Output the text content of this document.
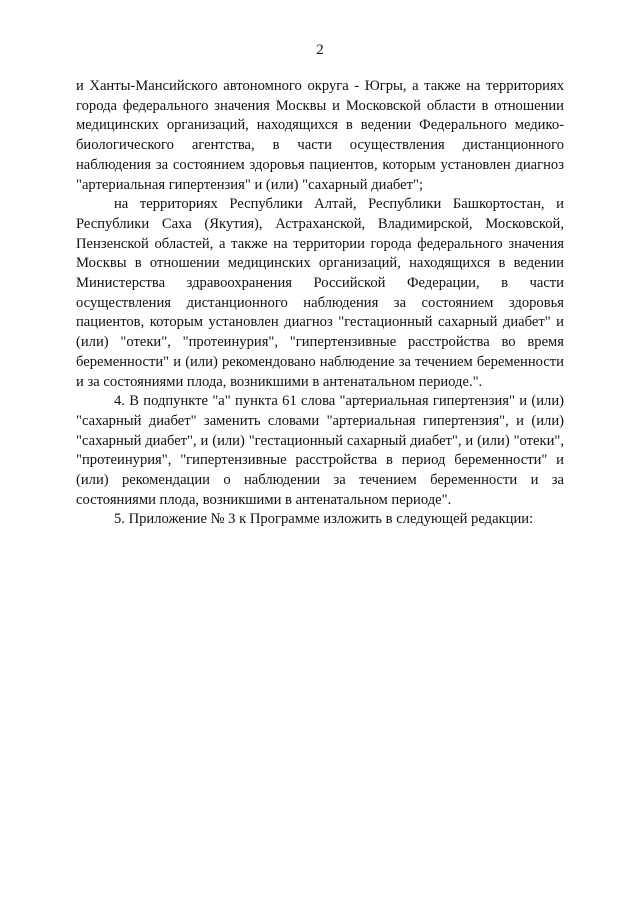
2

и Ханты-Мансийского автономного округа - Югры, а также на территориях города федерального значения Москвы и Московской области в отношении медицинских организаций, находящихся в ведении Федерального медико-биологического агентства, в части осуществления дистанционного наблюдения за состоянием здоровья пациентов, которым установлен диагноз "артериальная гипертензия" и (или) "сахарный диабет";

на территориях Республики Алтай, Республики Башкортостан, и Республики Саха (Якутия), Астраханской, Владимирской, Московской, Пензенской областей, а также на территории города федерального значения Москвы в отношении медицинских организаций, находящихся в ведении Министерства здравоохранения Российской Федерации, в части осуществления дистанционного наблюдения за состоянием здоровья пациентов, которым установлен диагноз "гестационный сахарный диабет" и (или) "отеки", "протеинурия", "гипертензивные расстройства во время беременности" и (или) рекомендовано наблюдение за течением беременности и за состояниями плода, возникшими в антенатальном периоде.".

4. В подпункте "а" пункта 61 слова "артериальная гипертензия" и (или) "сахарный диабет" заменить словами "артериальная гипертензия", и (или) "сахарный диабет", и (или) "гестационный сахарный диабет", и (или) "отеки", "протеинурия", "гипертензивные расстройства в период беременности" и (или) рекомендации о наблюдении за течением беременности и за состояниями плода, возникшими в антенатальном периоде".

5. Приложение № 3 к Программе изложить в следующей редакции:
